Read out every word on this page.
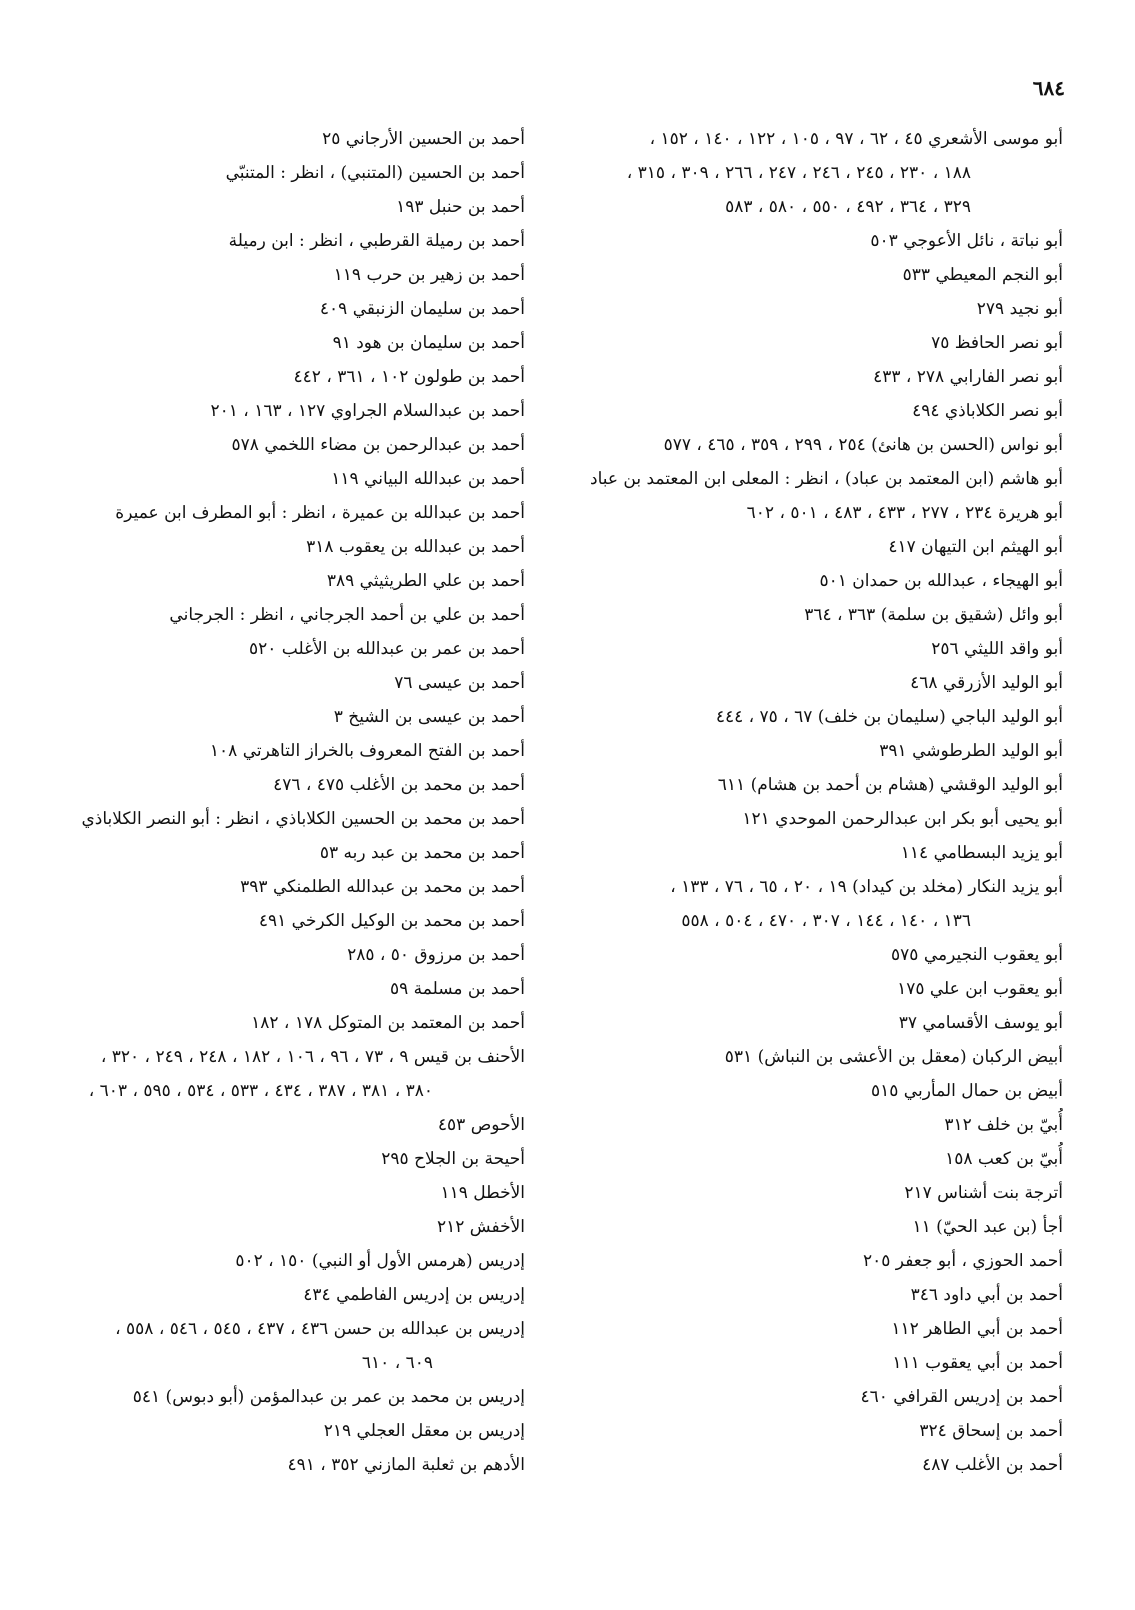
٦٨٤
أبو موسى الأشعري ٤٥ ، ٦٢ ، ٩٧ ، ١٠٥ ، ١٢٢ ، ١٤٠ ، ١٥٢ ،
١٨٨ ، ٢٣٠ ، ٢٤٥ ، ٢٤٦ ، ٢٤٧ ، ٢٦٦ ، ٣٠٩ ، ٣١٥ ،
٣٢٩ ، ٣٦٤ ، ٤٩٢ ، ٥٥٠ ، ٥٨٠ ، ٥٨٣
أبو نباتة ، نائل الأعوجي ٥٠٣
أبو النجم المعيطي ٥٣٣
أبو نجيد ٢٧٩
أبو نصر الحافظ ٧٥
أبو نصر الفارابي ٢٧٨ ، ٤٣٣
أبو نصر الكلاباذي ٤٩٤
أبو نواس (الحسن بن هانئ) ٢٥٤ ، ٢٩٩ ، ٣٥٩ ، ٤٦٥ ، ٥٧٧
أبو هاشم (ابن المعتمد بن عباد) ، انظر : المعلى ابن المعتمد بن عباد
أبو هريرة ٢٣٤ ، ٢٧٧ ، ٤٣٣ ، ٤٨٣ ، ٥٠١ ، ٦٠٢
أبو الهيثم ابن التيهان ٤١٧
أبو الهيجاء ، عبدالله بن حمدان ٥٠١
أبو وائل (شقيق بن سلمة) ٣٦٣ ، ٣٦٤
أبو واقد الليثي ٢٥٦
أبو الوليد الأزرقي ٤٦٨
أبو الوليد الباجي (سليمان بن خلف) ٦٧ ، ٧٥ ، ٤٤٤
أبو الوليد الطرطوشي ٣٩١
أبو الوليد الوقشي (هشام بن أحمد بن هشام) ٦١١
أبو يحيى أبو بكر ابن عبدالرحمن الموحدي ١٢١
أبو يزيد البسطامي ١١٤
أبو يزيد النكار (مخلد بن كيداد) ١٩ ، ٢٠ ، ٦٥ ، ٧٦ ، ١٣٣ ،
١٣٦ ، ١٤٠ ، ١٤٤ ، ٣٠٧ ، ٤٧٠ ، ٥٠٤ ، ٥٥٨
أبو يعقوب النجيرمي ٥٧٥
أبو يعقوب ابن علي ١٧٥
أبو يوسف الأقسامي ٣٧
أبيض الركبان (معقل بن الأعشى بن النباش) ٥٣١
أبيض بن حمال المأربي ٥١٥
أُبيّ بن خلف ٣١٢
أُبيّ بن كعب ١٥٨
أترجة بنت أشناس ٢١٧
أجأ (بن عبد الحيّ) ١١
أحمد الحوزي ، أبو جعفر ٢٠٥
أحمد بن أبي داود ٣٤٦
أحمد بن أبي الطاهر ١١٢
أحمد بن أبي يعقوب ١١١
أحمد بن إدريس القرافي ٤٦٠
أحمد بن إسحاق ٣٢٤
أحمد بن الأغلب ٤٨٧
أحمد بن الحسين الأرجاني ٢٥
أحمد بن الحسين (المتنبي) ، انظر : المتنبّي
أحمد بن حنبل ١٩٣
أحمد بن رميلة القرطبي ، انظر : ابن رميلة
أحمد بن زهير بن حرب ١١٩
أحمد بن سليمان الزنبقي ٤٠٩
أحمد بن سليمان بن هود ٩١
أحمد بن طولون ١٠٢ ، ٣٦١ ، ٤٤٢
أحمد بن عبدالسلام الجراوي ١٢٧ ، ١٦٣ ، ٢٠١
أحمد بن عبدالرحمن بن مضاء اللخمي ٥٧٨
أحمد بن عبدالله البياني ١١٩
أحمد بن عبدالله بن عميرة ، انظر : أبو المطرف ابن عميرة
أحمد بن عبدالله بن يعقوب ٣١٨
أحمد بن علي الطريثيثي ٣٨٩
أحمد بن علي بن أحمد الجرجاني ، انظر : الجرجاني
أحمد بن عمر بن عبدالله بن الأغلب ٥٢٠
أحمد بن عيسى ٧٦
أحمد بن عيسى بن الشيخ ٣
أحمد بن الفتح المعروف بالخراز التاهرتي ١٠٨
أحمد بن محمد بن الأغلب ٤٧٥ ، ٤٧٦
أحمد بن محمد بن الحسين الكلاباذي ، انظر : أبو النصر الكلاباذي
أحمد بن محمد بن عبد ربه ٥٣
أحمد بن محمد بن عبدالله الطلمنكي ٣٩٣
أحمد بن محمد بن الوكيل الكرخي ٤٩١
أحمد بن مرزوق ٥٠ ، ٢٨٥
أحمد بن مسلمة ٥٩
أحمد بن المعتمد بن المتوكل ١٧٨ ، ١٨٢
الأحنف بن قيس ٩ ، ٧٣ ، ٩٦ ، ١٠٦ ، ١٨٢ ، ٢٤٨ ، ٢٤٩ ، ٣٢٠ ،
٣٨٠ ، ٣٨١ ، ٣٨٧ ، ٤٣٤ ، ٥٣٣ ، ٥٣٤ ، ٥٩٥ ، ٦٠٣ ،
الأحوص ٤٥٣
أحيحة بن الجلاح ٢٩٥
الأخطل ١١٩
الأخفش ٢١٢
إدريس (هرمس الأول أو النبي) ١٥٠ ، ٥٠٢
إدريس بن إدريس الفاطمي ٤٣٤
إدريس بن عبدالله بن حسن ٤٣٦ ، ٤٣٧ ، ٥٤٥ ، ٥٤٦ ، ٥٥٨ ،
٦٠٩ ، ٦١٠
إدريس بن محمد بن عمر بن عبدالمؤمن (أبو دبوس) ٥٤١
إدريس بن معقل العجلي ٢١٩
الأدهم بن ثعلبة المازني ٣٥٢ ، ٤٩١
